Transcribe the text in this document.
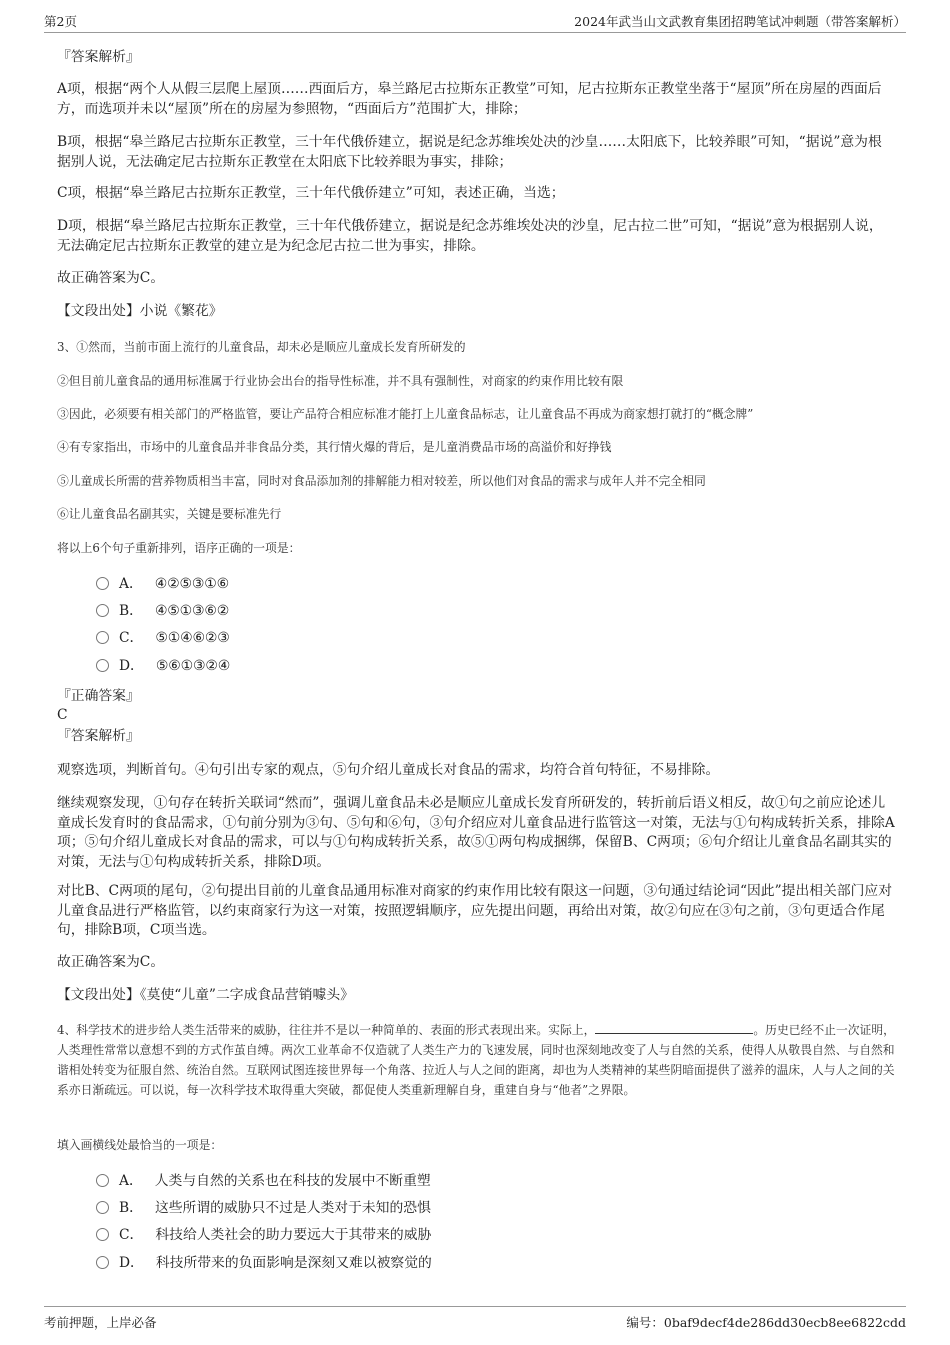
第2页	2024年武当山文武教育集团招聘笔试冲刺题（带答案解析）
『答案解析』
A项，根据“两个人从假三层爬上屋顶……西面后方，皋兰路尼古拉斯东正教堂”可知，尼古拉斯东正教堂坐落于“屋顶”所在房屋的西面后方，而选项并未以“屋顶”所在的房屋为参照物，“西面后方”范围扩大，排除；
B项，根据“皋兰路尼古拉斯东正教堂，三十年代俄侨建立，据说是纪念苏维埃处决的沙皇……太阳底下，比较养眼”可知，“据说”意为根据别人说，无法确定尼古拉斯东正教堂在太阳底下比较养眼为事实，排除；
C项，根据“皋兰路尼古拉斯东正教堂，三十年代俄侨建立”可知，表述正确，当选；
D项，根据“皋兰路尼古拉斯东正教堂，三十年代俄侨建立，据说是纪念苏维埃处决的沙皇，尼古拉二世”可知，“据说”意为根据别人说，无法确定尼古拉斯东正教堂的建立是为纪念尼古拉二世为事实，排除。
故正确答案为C。
【文段出处】小说《繁花》
3、①然而，当前市面上流行的儿童食品，却未必是顺应儿童成长发育所研发的
②但目前儿童食品的通用标准属于行业协会出台的指导性标准，并不具有强制性，对商家的约束作用比较有限
③因此，必须要有相关部门的严格监管，要让产品符合相应标准才能打上儿童食品标志，让儿童食品不再成为商家想打就打的“概念牌”
④有专家指出，市场中的儿童食品并非食品分类，其行情火爆的背后，是儿童消费品市场的高溢价和好挣钱
⑤儿童成长所需的营养物质相当丰富，同时对食品添加剂的排解能力相对较差，所以他们对食品的需求与成年人并不完全相同
⑥让儿童食品名副其实，关键是要标准先行
将以上6个句子重新排列，语序正确的一项是：
A． ④②⑤③①⑥
B． ④⑤①③⑥②
C． ⑤①④⑥②③
D． ⑤⑥①③②④
『正确答案』
C
『答案解析』
观察选项，判断首句。④句引出专家的观点，⑤句介绍儿童成长对食品的需求，均符合首句特征，不易排除。
继续观察发现，①句存在转折关联词“然而”，强调儿童食品未必是顺应儿童成长发育所研发的，转折前后语义相反，故①句之前应论述儿童成长发育时的食品需求，①句前分别为③句、⑤句和⑥句，③句介绍应对儿童食品进行监管这一对策，无法与①句构成转折关系，排除A项；⑤句介绍儿童成长对食品的需求，可以与①句构成转折关系，故⑤①两句构成捆绑，保留B、C两项；⑥句介绍让儿童食品名副其实的对策，无法与①句构成转折关系，排除D项。
对比B、C两项的尾句，②句提出目前的儿童食品通用标准对商家的约束作用比较有限这一问题，③句通过结论词“因此”提出相关部门应对儿童食品进行严格监管，以约束商家行为这一对策，按照逻辑顺序，应先提出问题，再给出对策，故②句应在③句之前，③句更适合作尾句，排除B项，C项当选。
故正确答案为C。
【文段出处】《莫使“儿童”二字成食品营销噱头》
4、科学技术的进步给人类生活带来的威胁，往往并不是以一种简单的、表面的形式表现出来。实际上，	。历史已经不止一次证明，人类理性常常以意想不到的方式作茧自缚。两次工业革命不仅造就了人类生产力的飞速发展，同时也深刻地改变了人与自然的关系，使得人从敬畏自然、与自然和谐相处转变为征服自然、统治自然。互联网试图连接世界每一个角落、拉近人与人之间的距离，却也为人类精神的某些阴暗面提供了滋养的温床，人与人之间的关系亦日渐疏远。可以说，每一次科学技术取得重大突破，都促使人类重新理解自身，重建自身与“他者”之界限。
填入画横线处最恰当的一项是：
A． 人类与自然的关系也在科技的发展中不断重塑
B． 这些所谓的威胁只不过是人类对于未知的恐惧
C． 科技给人类社会的助力要远大于其带来的威胁
D． 科技所带来的负面影响是深刻又难以被察觉的
考前押题，上岸必备	编号：0baf9decf4de286dd30ecb8ee6822cdd
